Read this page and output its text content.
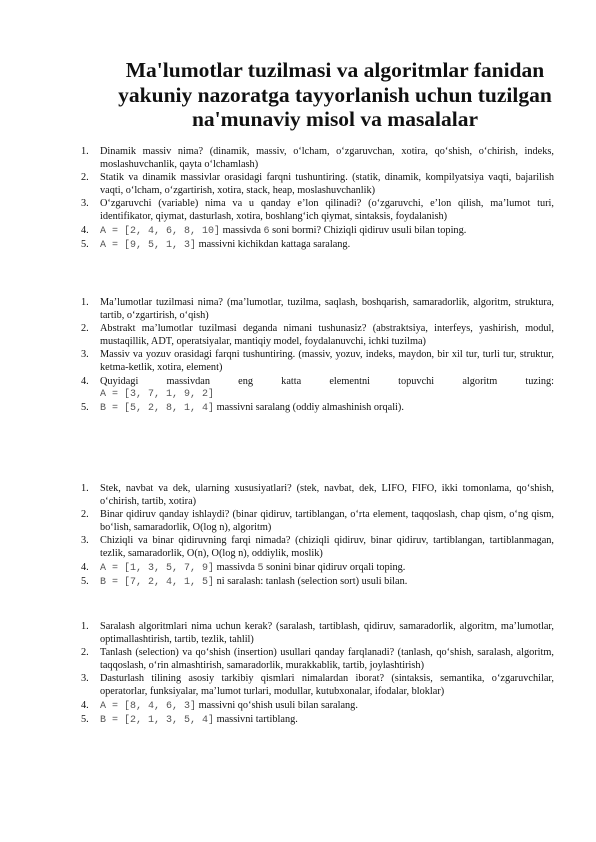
Ma'lumotlar tuzilmasi va algoritmlar fanidan yakuniy nazoratga tayyorlanish uchun tuzilgan na'munaviy misol va masalalar
1. Dinamik massiv nima? (dinamik, massiv, o‘lcham, o‘zgaruvchan, xotira, qo‘shish, o‘chirish, indeks, moslashuvchanlik, qayta o‘lchamlash)
2. Statik va dinamik massivlar orasidagi farqni tushuntiring. (statik, dinamik, kompilyatsiya vaqti, bajarilish vaqti, o‘lcham, o‘zgartirish, xotira, stack, heap, moslashuvchanlik)
3. O‘zgaruvchi (variable) nima va u qanday e’lon qilinadi? (o‘zgaruvchi, e’lon qilish, ma’lumot turi, identifikator, qiymat, dasturlash, xotira, boshlang‘ich qiymat, sintaksis, foydalanish)
4. A = [2, 4, 6, 8, 10] massivda 6 soni bormi? Chiziqli qidiruv usuli bilan toping.
5. A = [9, 5, 1, 3] massivni kichikdan kattaga saralang.
1. Ma’lumotlar tuzilmasi nima? (ma’lumotlar, tuzilma, saqlash, boshqarish, samaradorlik, algoritm, struktura, tartib, o‘zgartirish, o‘qish)
2. Abstrakt ma’lumotlar tuzilmasi deganda nimani tushunasiz? (abstraktsiya, interfeys, yashirish, modul, mustaqillik, ADT, operatsiyalar, mantiqiy model, foydalanuvchi, ichki tuzilma)
3. Massiv va yozuv orasidagi farqni tushuntiring. (massiv, yozuv, indeks, maydon, bir xil tur, turli tur, struktur, ketma-ketlik, xotira, element)
4. Quyidagi massivdan eng katta elementni topuvchi algoritm tuzing:
A = [3, 7, 1, 9, 2]
5. B = [5, 2, 8, 1, 4] massivni saralang (oddiy almashinish orqali).
1. Stek, navbat va dek, ularning xususiyatlari? (stek, navbat, dek, LIFO, FIFO, ikki tomonlama, qo‘shish, o‘chirish, tartib, xotira)
2. Binar qidiruv qanday ishlaydi? (binar qidiruv, tartiblangan, o‘rta element, taqqoslash, chap qism, o‘ng qism, bo‘lish, samaradorlik, O(log n), algoritm)
3. Chiziqli va binar qidiruvning farqi nimada? (chiziqli qidiruv, binar qidiruv, tartiblangan, tartiblanmagan, tezlik, samaradorlik, O(n), O(log n), oddiylik, moslik)
4. A = [1, 3, 5, 7, 9] massivda 5 sonini binar qidiruv orqali toping.
5. B = [7, 2, 4, 1, 5] ni saralash: tanlash (selection sort) usuli bilan.
1. Saralash algoritmlari nima uchun kerak? (saralash, tartiblash, qidiruv, samaradorlik, algoritm, ma’lumotlar, optimallashtirish, tartib, tezlik, tahlil)
2. Tanlash (selection) va qo‘shish (insertion) usullari qanday farqlanadi? (tanlash, qo‘shish, saralash, algoritm, taqqoslash, o‘rin almashtirish, samaradorlik, murakkablik, tartib, joylashtirish)
3. Dasturlash tilining asosiy tarkibiy qismlari nimalardan iborat? (sintaksis, semantika, o‘zgaruvchilar, operatorlar, funksiyalar, ma’lumot turlari, modullar, kutubxonalar, ifodalar, bloklar)
4. A = [8, 4, 6, 3] massivni qo‘shish usuli bilan saralang.
5. B = [2, 1, 3, 5, 4] massivni tartiblang.
